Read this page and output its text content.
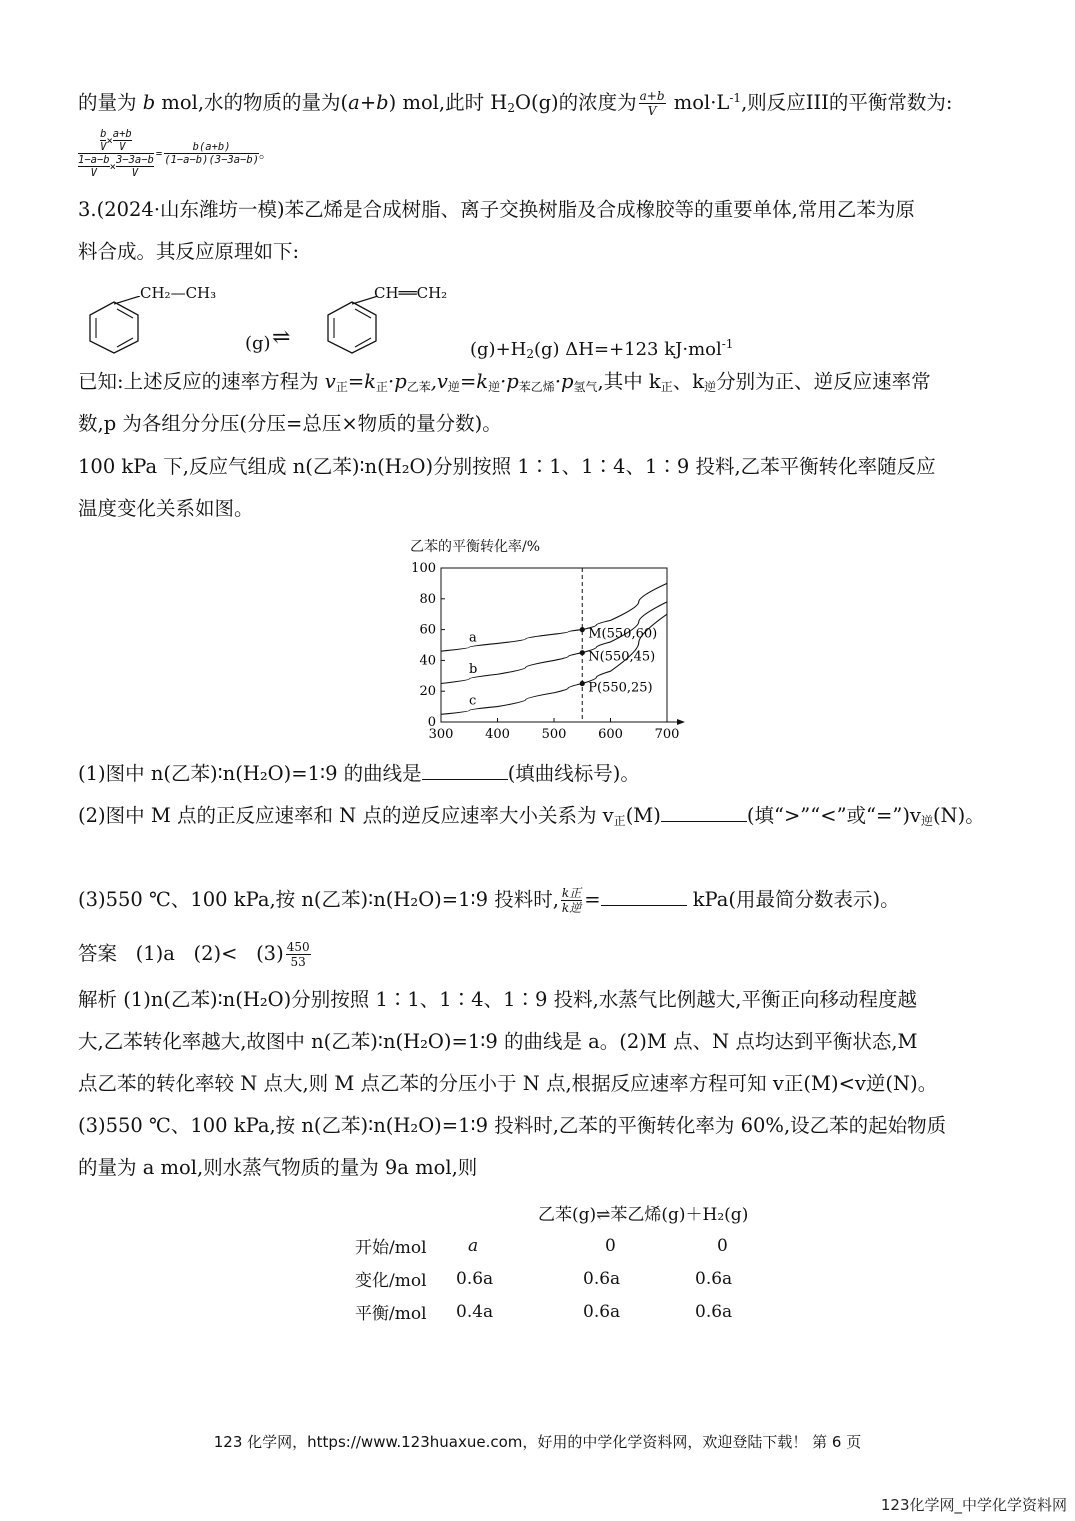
的量为 b mol,水的物质的量为(a+b) mol,此时 $H_2O(g)$的浓度为 $\frac{a+b}{V} mol\cdot L^{-1}$,则反应III的平衡常数为:
$\frac{\frac{b}{V} \times \frac{a+b}{V}}{\frac{1-a-b}{V} \times \frac{3-3a-b}{V}} = \frac{b(a+b)}{(1-a-b)(3-3a-b)}$ 。
3.(2024·山东潍坊一模)苯乙烯是合成树脂、离子交换树脂及合成橡胶等的重要单体,常用乙苯为原
料合成。其反应原理如下:
CH₂—CH₃	CH══CH₂
(g) ⇌	$(g)+H_2(g)$ ΔH=+123 kJ·mol$^{-1}$
已知:上述反应的速率方程为 $v_正=k_正\cdot p_{乙苯},v_逆=k_逆\cdot p_{苯乙烯}\cdot p_{氢气}$,其中 $k_正$、$k_逆$分别为正、逆反应速率常
数,p 为各组分分压(分压=总压×物质的量分数)。
100 kPa 下,反应气组成 n(乙苯)∶n(H₂O)分别按照 1∶1、1∶4、1∶9 投料,乙苯平衡转化率随反应
温度变化关系如图。
乙苯的平衡转化率/%
0
20
40
60
80
100
300 400 500 600 700
a
b
c
M(550,60)
N(550,45)
P(550,25)
(1)图中 n(乙苯)∶n(H₂O)=1∶9 的曲线是	(填曲线标号)。
(2)图中 M 点的正反应速率和 N 点的逆反应速率大小关系为 $v_正(M)$	(填“>”“<”或“$=”)v_逆(N)$。
(3)550 ℃、100 kPa,按 n(乙苯)∶n(H₂O)=1∶9 投料时, k正
k逆 =	kPa(用最简分数表示)。
答案 (1)a $(2)< (3) \frac{450}{53}$
解析 (1)n(乙苯)∶n(H₂O)分别按照 1∶1、1∶4、1∶9 投料,水蒸气比例越大,平衡正向移动程度越
大,乙苯转化率越大,故图中 n(乙苯)∶n(H₂O)=1∶9 的曲线是 a。(2)M 点、N 点均达到平衡状态,M
点乙苯的转化率较 N 点大,则 M 点乙苯的分压小于 N 点,根据反应速率方程可知 v正(M)<v逆(N)。
(3)550 ℃、100 kPa,按 n(乙苯)∶n(H₂O)=1∶9 投料时,乙苯的平衡转化率为 60%,设乙苯的起始物质
的量为 a mol,则水蒸气物质的量为 9a mol,则
	乙苯(g)⇌苯乙烯(g)＋H₂(g)		
开始/mol	a	0	0
变化/mol	0.6a	0.6a	0.6a
平衡/mol	0.4a	0.6a	0.6a
123 化学网，https://www.123huaxue.com，好用的中学化学资料网，欢迎登陆下载！ 第 6 页
123化学网_中学化学资料网
